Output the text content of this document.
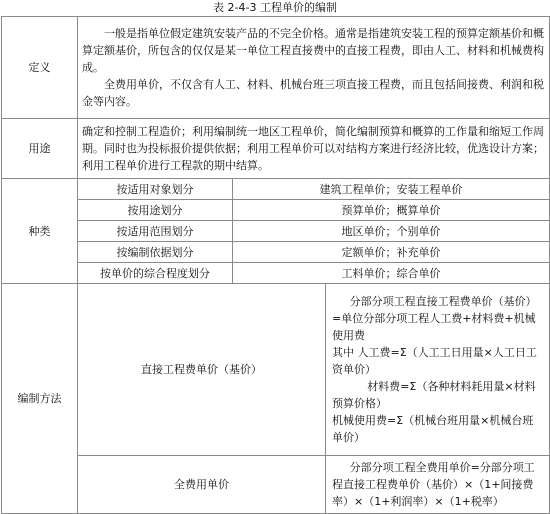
表 2-4-3 工程单价的编制
定义	一般是指单位假定建筑安装产品的不完全价格。通常是指建筑安装工程的预算定额基价和概算定额基价，所包含的仅仅是某一单位工程直接费中的直接工程费，即由人工、材料和机械费构成。

全费用单价，不仅含有人工、材料、机械台班三项直接工程费，而且包括间接费、利润和税金等内容。		

用途	确定和控制工程造价；利用编制统一地区工程单价，简化编制预算和概算的工作量和缩短工作周期。同时也为投标报价提供依据；利用工程单价可以对结构方案进行经济比较，优选设计方案；利用工程单价进行工程款的期中结算。		
种类	按适用对象划分	建筑工程单价；安装工程单价	
	按用途划分	预算单价；概算单价	
	按适用范围划分	地区单价；个别单价	
	按编制依据划分	定额单价；补充单价	
	按单价的综合程度划分	工料单价；综合单价	
编制方法	直接工程费单价（基价）		分部分项工程直接工程费单价（基价）=单位分部分项工程人工费+材料费+机械使用费

其中 人工费=Σ（人工工日用量×人工日工资单价）

材料费=Σ（各种材料耗用量×材料预算价格）

机械使用费=Σ（机械台班用量×机械台班单价）

	全费用单价		分部分项工程全费用单价=分部分项工程直接工程费单价（基价）×（1+间接费率）×（1+利润率）×（1+税率）
